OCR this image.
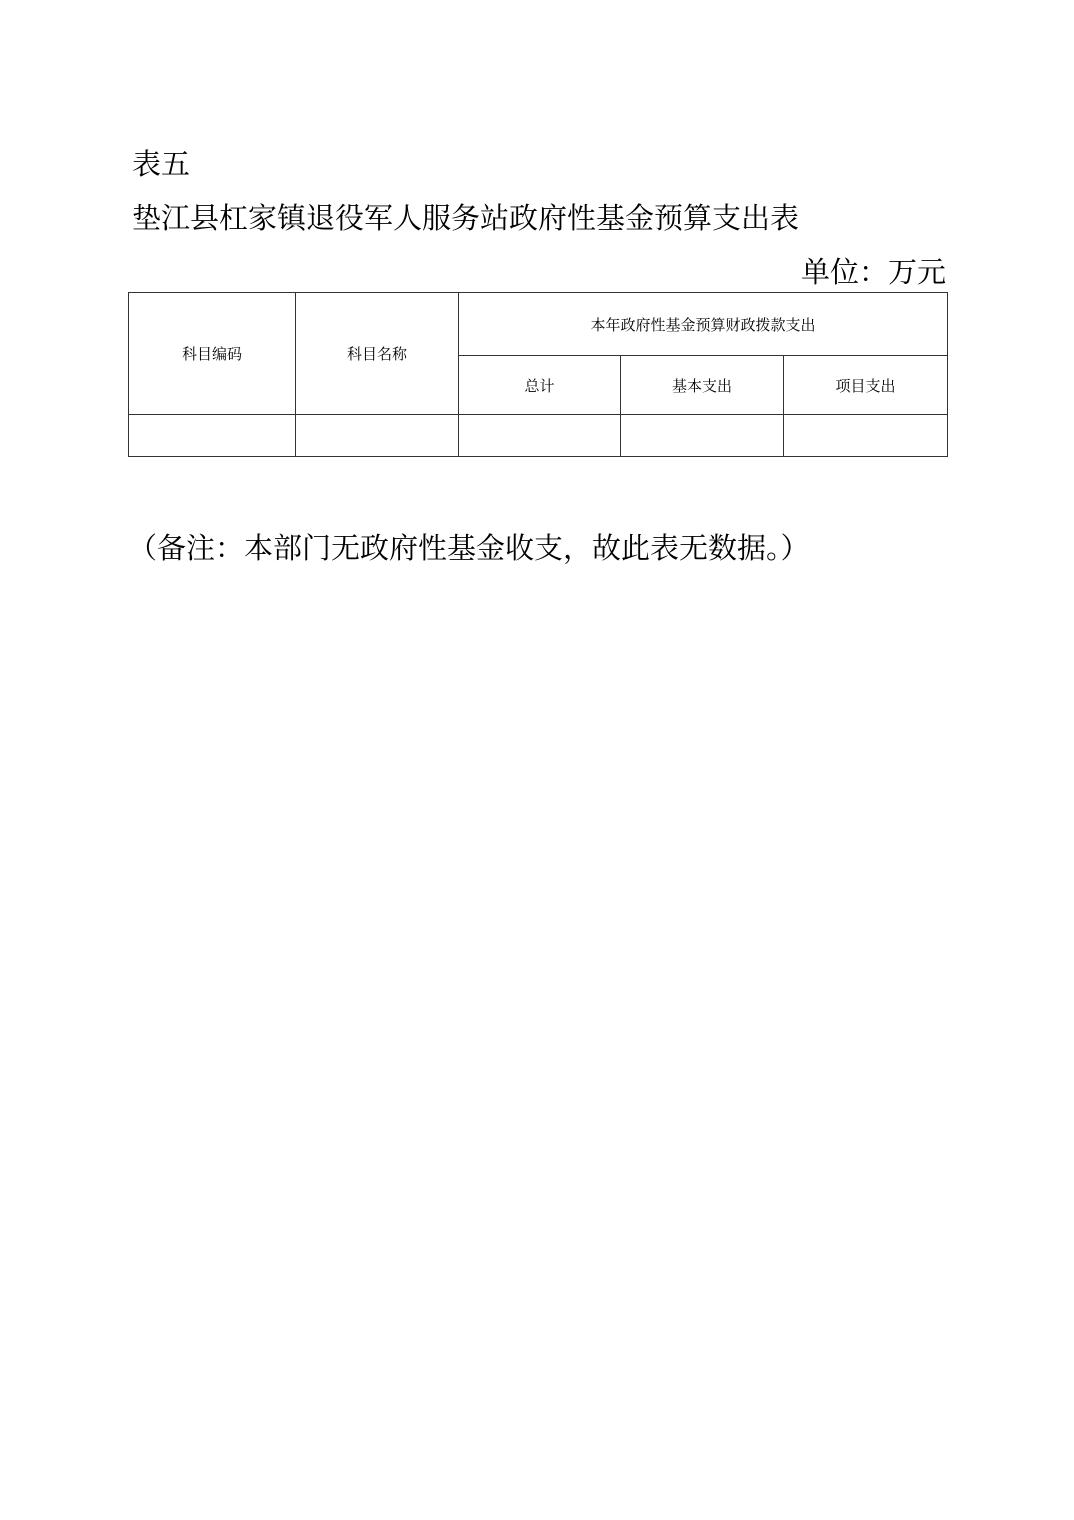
表五
垫江县杠家镇退役军人服务站政府性基金预算支出表
单位：万元
科目编码	科目名称	本年政府性基金预算财政拨款支出		
		总计	基本支出	项目支出

（备注：本部门无政府性基金收支，故此表无数据。）
